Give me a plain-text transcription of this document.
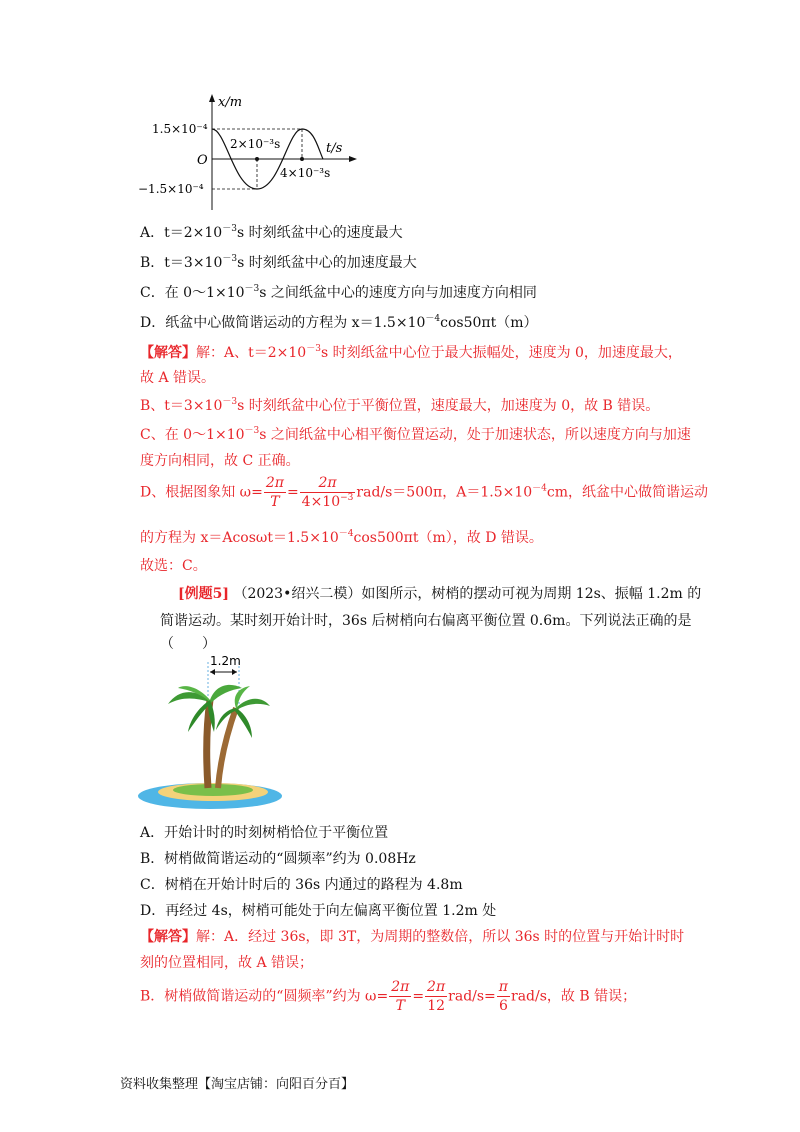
x/m
t/s
O
1.5×10⁻⁴
−1.5×10⁻⁴
2×10⁻³s
4×10⁻³s
A．$t=2\times 10^{-3}s$ 时刻纸盆中心的速度最大
B．$t=3\times 10^{-3}s$ 时刻纸盆中心的加速度最大
C．在 $0\sim 1\times 10^{-3}s$ 之间纸盆中心的速度方向与加速度方向相同
D．纸盆中心做简谐运动的方程为 $x=1.5\times 10^{-4}\cos 50\pi t(m)$
【解答】解：A、$t=2\times 10^{-3}s$ 时刻纸盆中心位于最大振幅处，速度为 0，加速度最大，
故 A 错误。
B、$t=3\times 10^{-3}s$ 时刻纸盆中心位于平衡位置，速度最大，加速度为 0，故 B 错误。
C、在 $0\sim 1\times 10^{-3}s$ 之间纸盆中心相平衡位置运动，处于加速状态，所以速度方向与加速
度方向相同，故 C 正确。
D、根据图象知 $\omega= \frac{2\pi}{T} = \frac{2\pi}{4\times 10^{-3}} rad/s=500\pi$，$A=1.5\times 10^{-4}cm$，纸盆中心做简谐运动
的方程为 $x=Acos\omega t=1.5\times 10^{-4}\cos 500\pi t(m)$，故 D 错误。
故选：C。
[例题5] （2023•绍兴二模）如图所示，树梢的摆动可视为周期 12s、振幅 1.2m 的
简谐运动。某时刻开始计时，36s 后树梢向右偏离平衡位置 0.6m。下列说法正确的是
（　　）
1.2m
A．开始计时的时刻树梢恰位于平衡位置
B．树梢做简谐运动的“圆频率”约为 0.08Hz
C．树梢在开始计时后的 36s 内通过的路程为 4.8m
D．再经过 4s，树梢可能处于向左偏离平衡位置 1.2m 处
【解答】解：A．经过 36s，即 3T，为周期的整数倍，所以 36s 时的位置与开始计时时
刻的位置相同，故 A 错误；
B．树梢做简谐运动的“圆频率”约为 $\omega= \frac{2\pi}{T} = \frac{2\pi}{12} rad/s= \frac{\pi}{6} rad/s$，故 B 错误；
资料收集整理【淘宝店铺：向阳百分百】
